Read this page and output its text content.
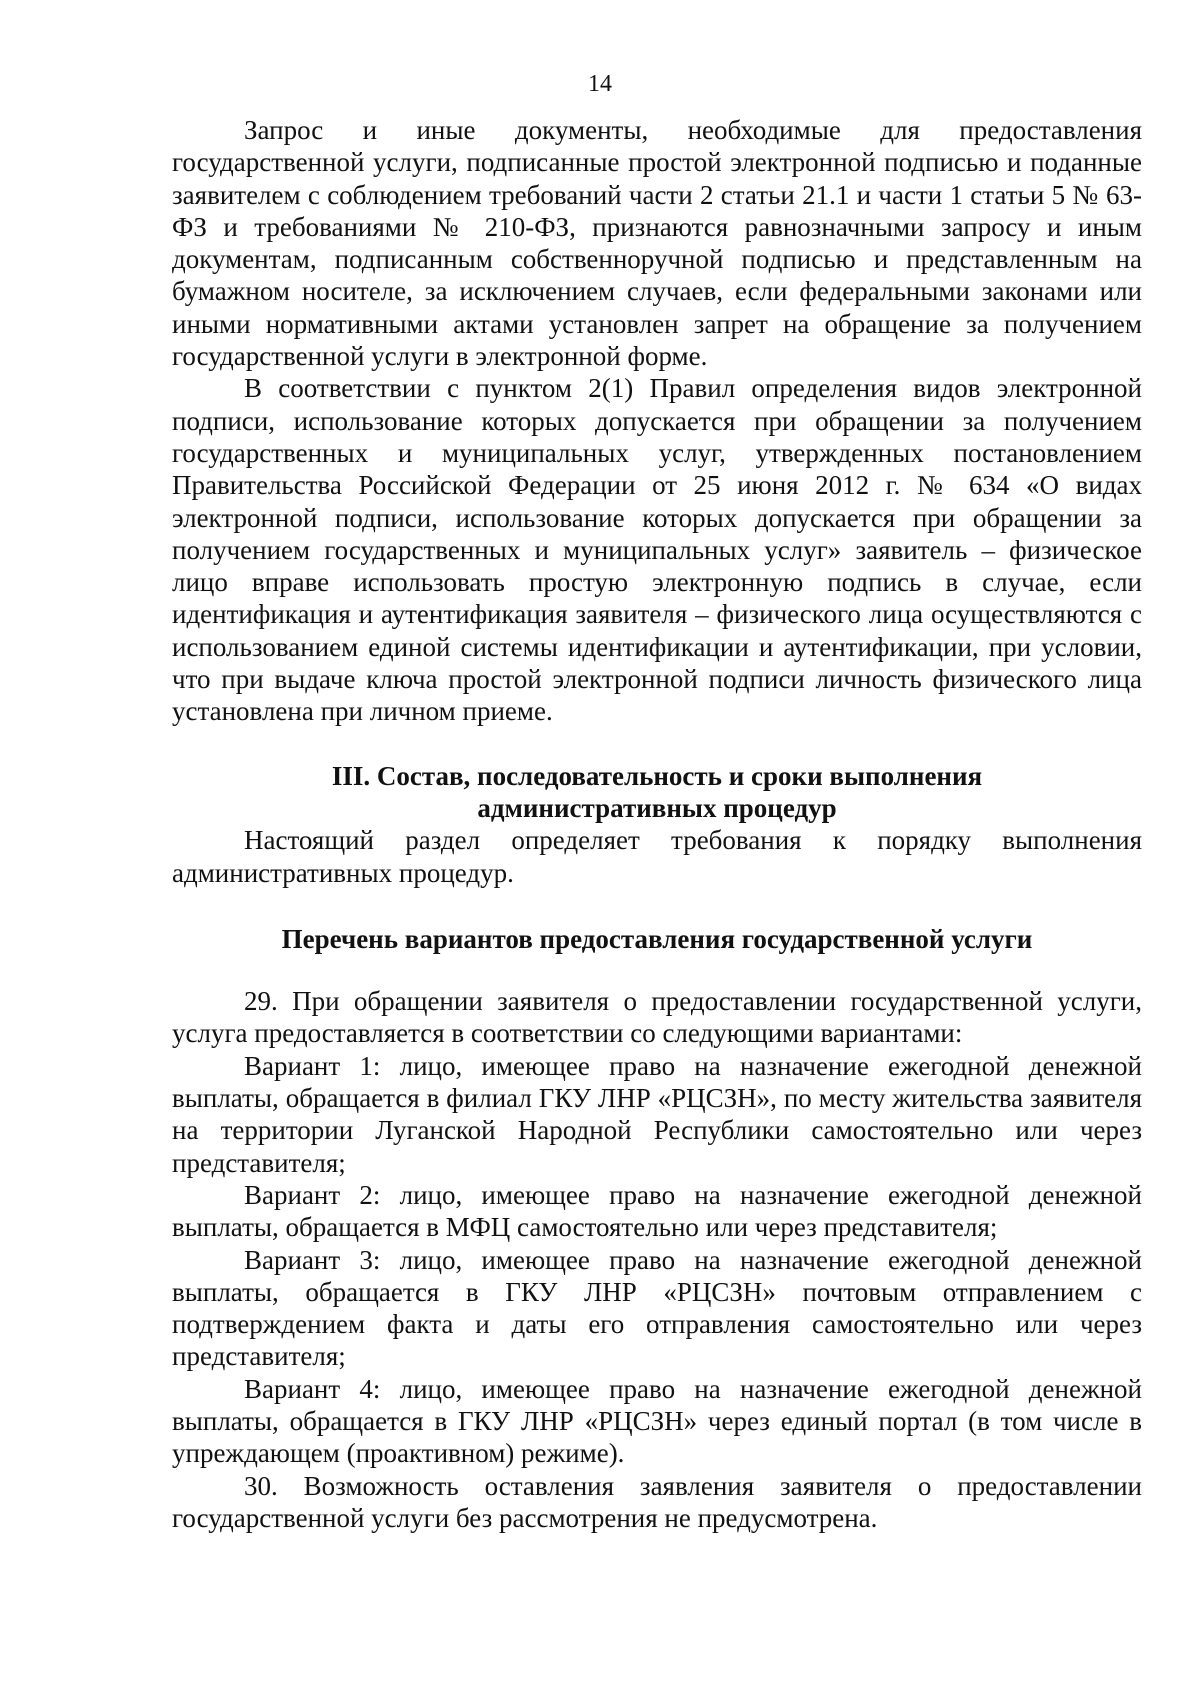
14

Запрос и иные документы, необходимые для предоставления государственной услуги, подписанные простой электронной подписью и поданные заявителем с соблюдением требований части 2 статьи 21.1 и части 1 статьи 5 № 63-ФЗ и требованиями № 210-ФЗ, признаются равнозначными запросу и иным документам, подписанным собственноручной подписью и представленным на бумажном носителе, за исключением случаев, если федеральными законами или иными нормативными актами установлен запрет на обращение за получением государственной услуги в электронной форме.

В соответствии с пунктом 2(1) Правил определения видов электронной подписи, использование которых допускается при обращении за получением государственных и муниципальных услуг, утвержденных постановлением Правительства Российской Федерации от 25 июня 2012 г. № 634 «О видах электронной подписи, использование которых допускается при обращении за получением государственных и муниципальных услуг» заявитель – физическое лицо вправе использовать простую электронную подпись в случае, если идентификация и аутентификация заявителя – физического лица осуществляются с использованием единой системы идентификации и аутентификации, при условии, что при выдаче ключа простой электронной подписи личность физического лица установлена при личном приеме.

III. Состав, последовательность и сроки выполнения
административных процедур

Настоящий раздел определяет требования к порядку выполнения административных процедур.

Перечень вариантов предоставления государственной услуги

29. При обращении заявителя о предоставлении государственной услуги, услуга предоставляется в соответствии со следующими вариантами:

Вариант 1: лицо, имеющее право на назначение ежегодной денежной выплаты, обращается в филиал ГКУ ЛНР «РЦСЗН», по месту жительства заявителя на территории Луганской Народной Республики самостоятельно или через представителя;

Вариант 2: лицо, имеющее право на назначение ежегодной денежной выплаты, обращается в МФЦ самостоятельно или через представителя;

Вариант 3: лицо, имеющее право на назначение ежегодной денежной выплаты, обращается в ГКУ ЛНР «РЦСЗН» почтовым отправлением с подтверждением факта и даты его отправления самостоятельно или через представителя;

Вариант 4: лицо, имеющее право на назначение ежегодной денежной выплаты, обращается в ГКУ ЛНР «РЦСЗН» через единый портал (в том числе в упреждающем (проактивном) режиме).

30. Возможность оставления заявления заявителя о предоставлении государственной услуги без рассмотрения не предусмотрена.
